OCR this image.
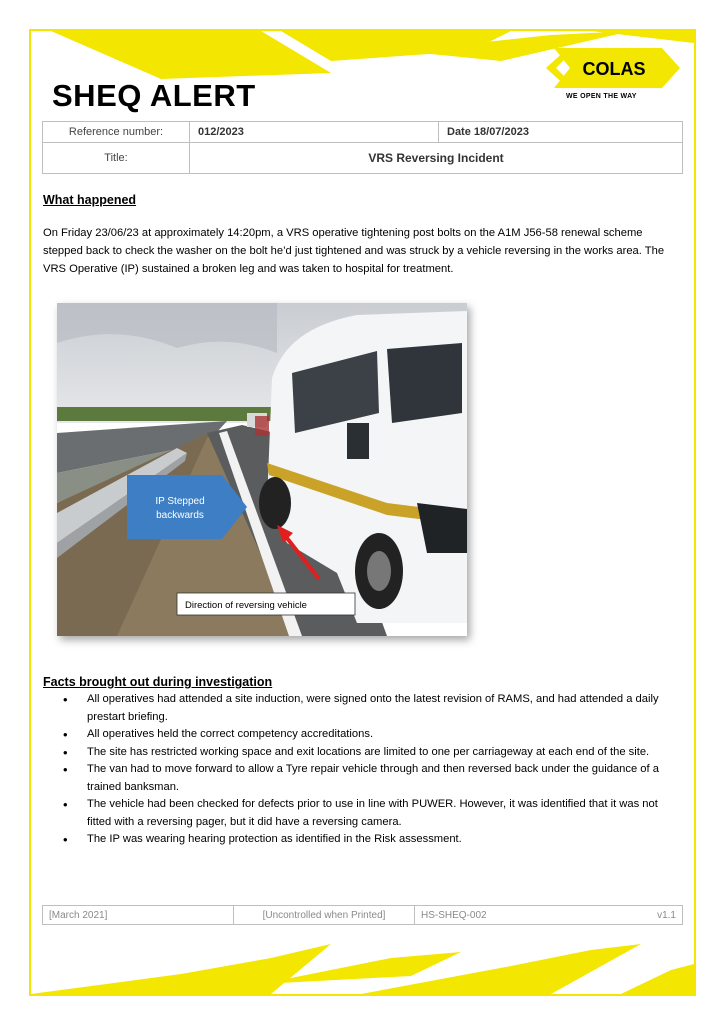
SHEQ ALERT
COLAS
WE OPEN THE WAY
Reference number:	012/2023	Date 18/07/2023
Title:	VRS Reversing Incident	
What happened
On Friday 23/06/23 at approximately 14:20pm, a VRS operative tightening post bolts on the A1M J56-58 renewal scheme stepped back to check the washer on the bolt he’d just tightened and was struck by a vehicle reversing in the works area. The VRS Operative (IP) sustained a broken leg and was taken to hospital for treatment.
IP Stepped
backwards
Direction of reversing vehicle
Facts brought out during investigation
• All operatives had attended a site induction, were signed onto the latest revision of RAMS, and had attended a daily prestart briefing.
• All operatives held the correct competency accreditations.
• The site has restricted working space and exit locations are limited to one per carriageway at each end of the site.
• The van had to move forward to allow a Tyre repair vehicle through and then reversed back under the guidance of a trained banksman.
• The vehicle had been checked for defects prior to use in line with PUWER. However, it was identified that it was not fitted with a reversing pager, but it did have a reversing camera.
• The IP was wearing hearing protection as identified in the Risk assessment.
[March 2021]	[Uncontrolled when Printed]	HS-SHEQ-002	v1.1
